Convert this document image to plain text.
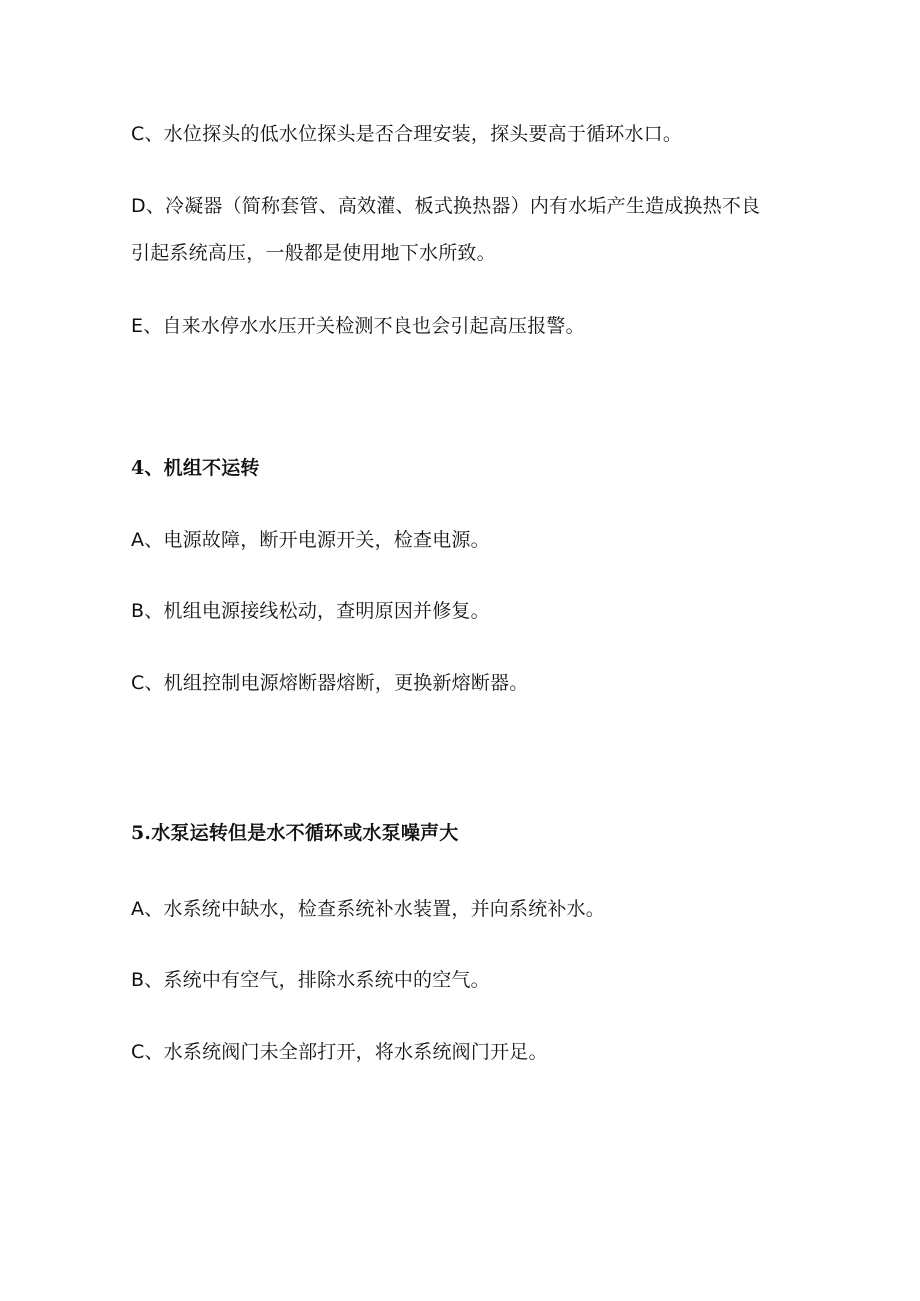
C、水位探头的低水位探头是否合理安装，探头要高于循环水口。
D、冷凝器（简称套管、高效灌、板式换热器）内有水垢产生造成换热不良
引起系统高压，一般都是使用地下水所致。
E、自来水停水水压开关检测不良也会引起高压报警。
4、机组不运转
A、电源故障，断开电源开关，检查电源。
B、机组电源接线松动，查明原因并修复。
C、机组控制电源熔断器熔断，更换新熔断器。
5.水泵运转但是水不循环或水泵噪声大
A、水系统中缺水，检查系统补水装置，并向系统补水。
B、系统中有空气，排除水系统中的空气。
C、水系统阀门未全部打开，将水系统阀门开足。
